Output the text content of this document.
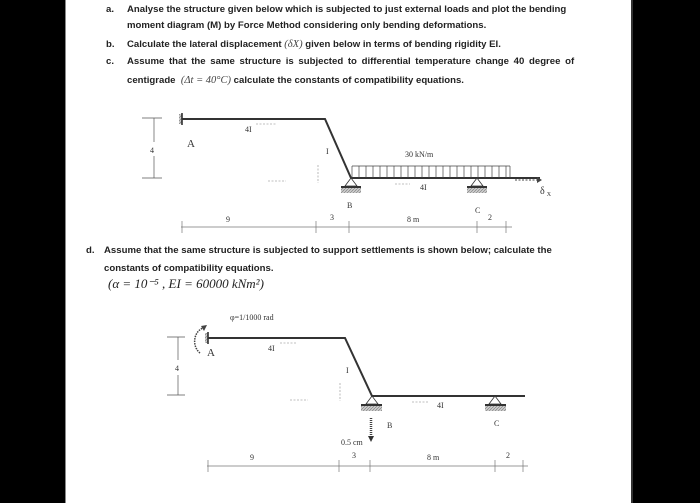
a. Analyse the structure given below which is subjected to just external loads and plot the bending
moment diagram (M) by Force Method considering only bending deformations.
b. Calculate the lateral displacement (δX) given below in terms of bending rigidity EI.
c. Assume that the same structure is subjected to differential temperature change 40 degree of
centigrade (Δt = 40°C) calculate the constants of compatibility equations.
4
A
4I
I	30 kN/m
4I
B
C
δ $_X$
9	3	8 m	2
d. Assume that the same structure is subjected to support settlements is shown below; calculate the
constants of compatibility equations.
(α = 10⁻⁵ , EI = 60000 kNm²)
φ=1/1000 rad
4
A	4I
I
4I
B	C
0.5 cm
9	3	8 m	2
